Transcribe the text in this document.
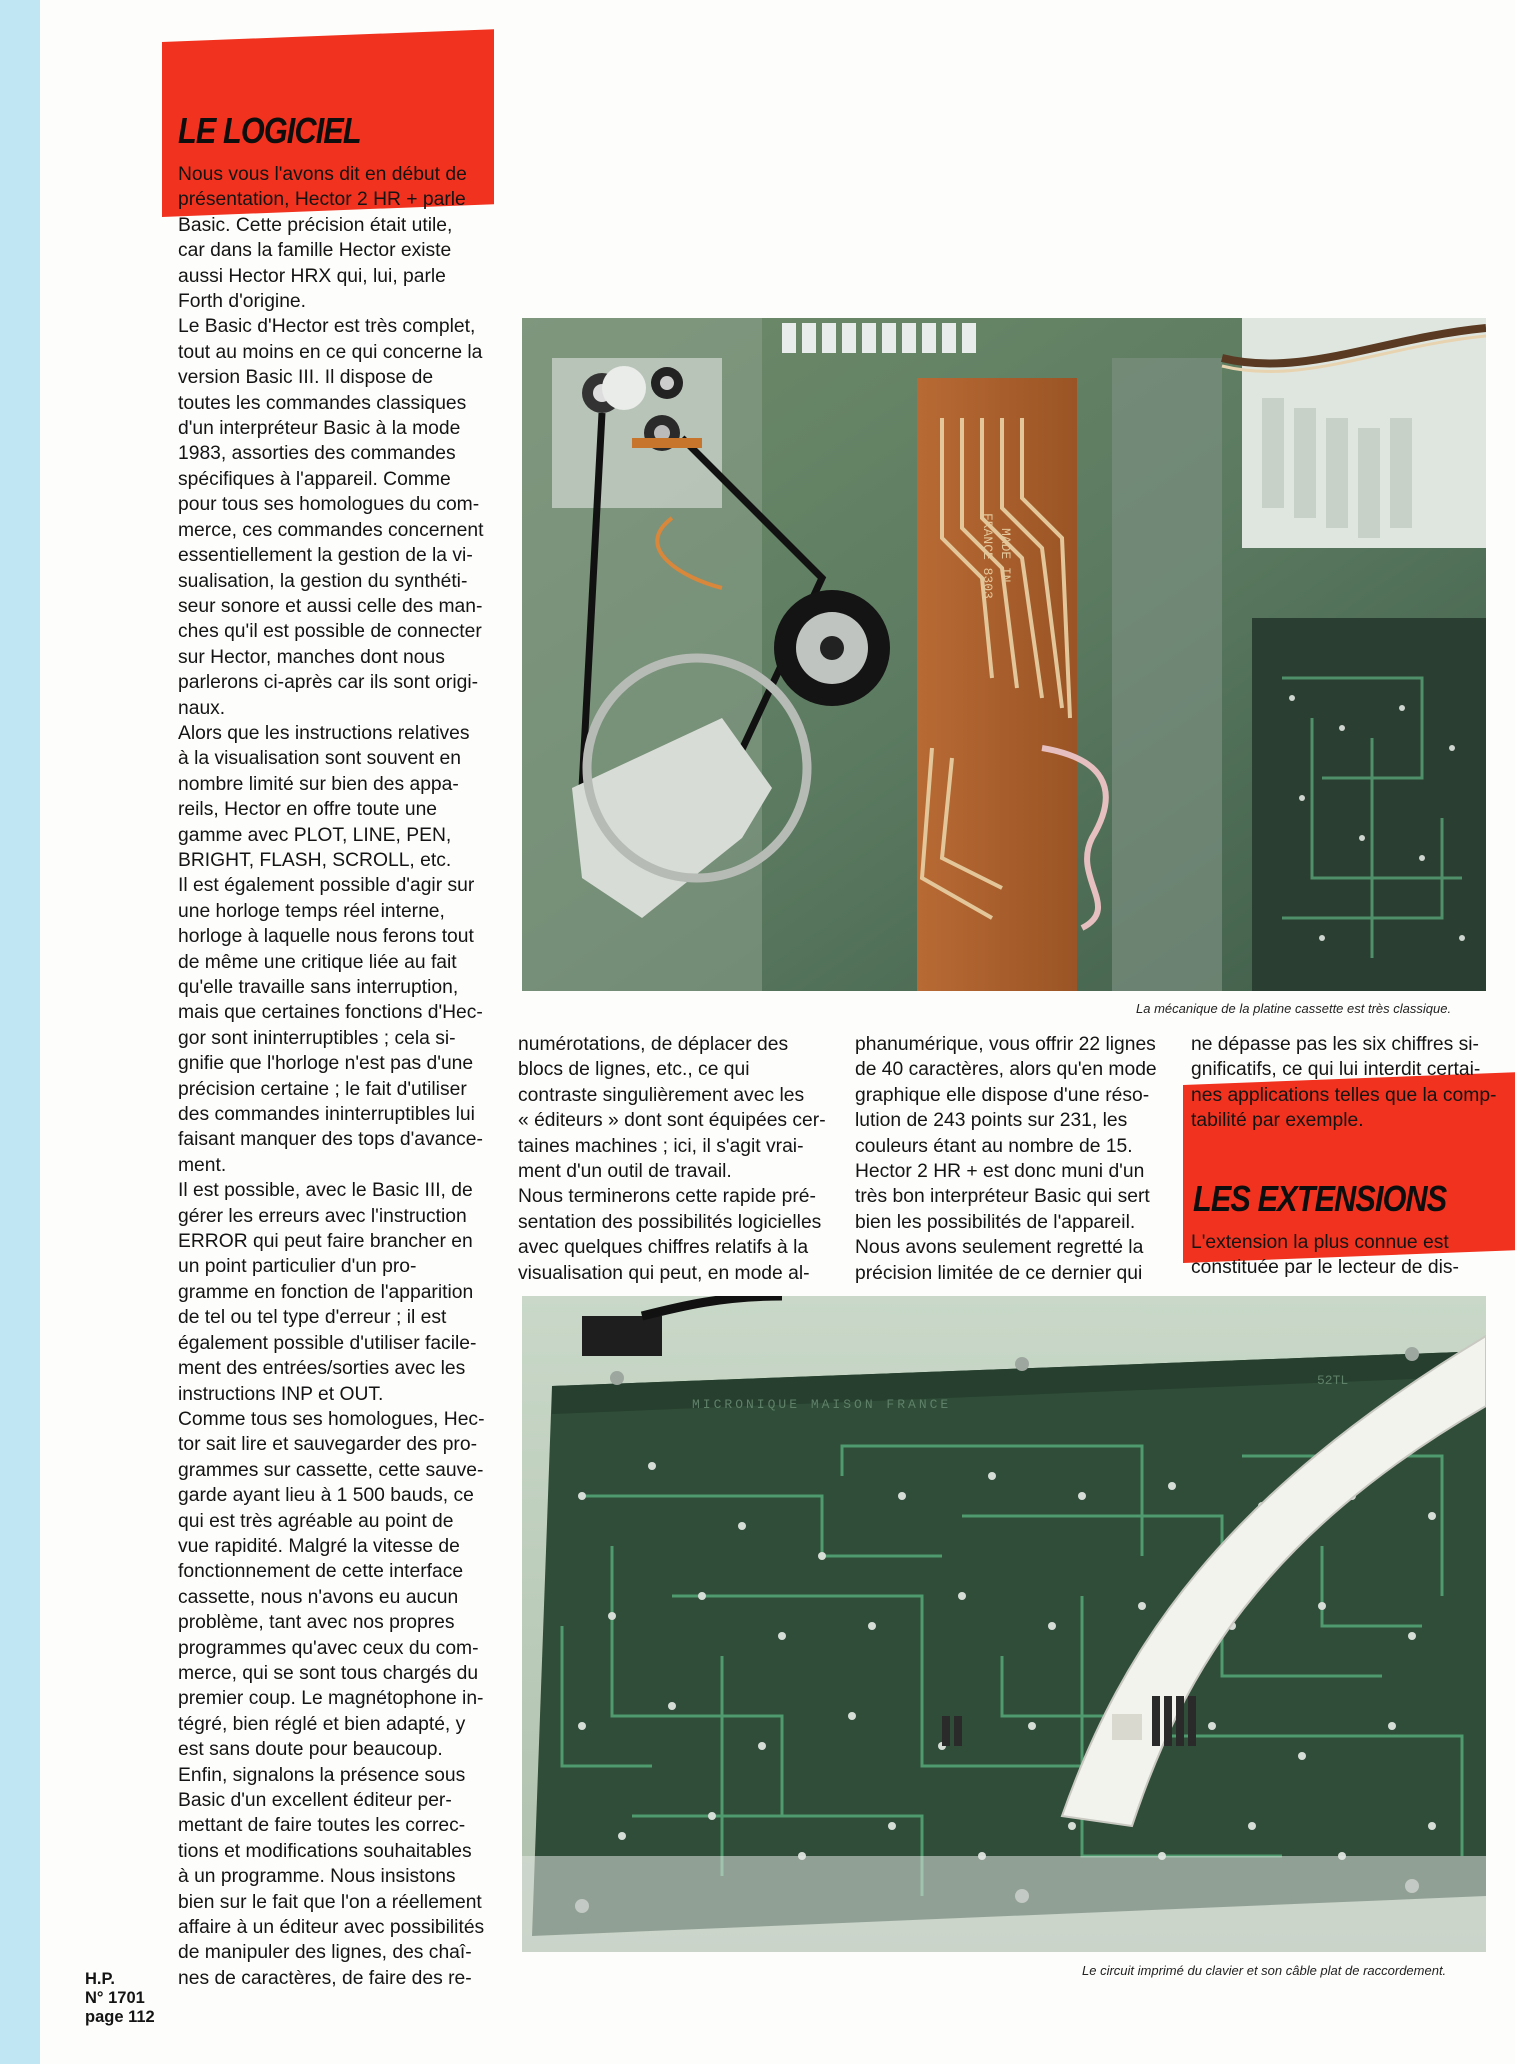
LE LOGICIEL
Nous vous l'avons dit en début de
présentation, Hector 2 HR + parle
Basic. Cette précision était utile,
car dans la famille Hector existe
aussi Hector HRX qui, lui, parle
Forth d'origine.
Le Basic d'Hector est très complet,
tout au moins en ce qui concerne la
version Basic III. Il dispose de
toutes les commandes classiques
d'un interpréteur Basic à la mode
1983, assorties des commandes
spécifiques à l'appareil. Comme
pour tous ses homologues du com-
merce, ces commandes concernent
essentiellement la gestion de la vi-
sualisation, la gestion du synthéti-
seur sonore et aussi celle des man-
ches qu'il est possible de connecter
sur Hector, manches dont nous
parlerons ci-après car ils sont origi-
naux.
Alors que les instructions relatives
à la visualisation sont souvent en
nombre limité sur bien des appa-
reils, Hector en offre toute une
gamme avec PLOT, LINE, PEN,
BRIGHT, FLASH, SCROLL, etc.
Il est également possible d'agir sur
une horloge temps réel interne,
horloge à laquelle nous ferons tout
de même une critique liée au fait
qu'elle travaille sans interruption,
mais que certaines fonctions d'Hec-
gor sont ininterruptibles ; cela si-
gnifie que l'horloge n'est pas d'une
précision certaine ; le fait d'utiliser
des commandes ininterruptibles lui
faisant manquer des tops d'avance-
ment.
Il est possible, avec le Basic III, de
gérer les erreurs avec l'instruction
ERROR qui peut faire brancher en
un point particulier d'un pro-
gramme en fonction de l'apparition
de tel ou tel type d'erreur ; il est
également possible d'utiliser facile-
ment des entrées/sorties avec les
instructions INP et OUT.
Comme tous ses homologues, Hec-
tor sait lire et sauvegarder des pro-
grammes sur cassette, cette sauve-
garde ayant lieu à 1 500 bauds, ce
qui est très agréable au point de
vue rapidité. Malgré la vitesse de
fonctionnement de cette interface
cassette, nous n'avons eu aucun
problème, tant avec nos propres
programmes qu'avec ceux du com-
merce, qui se sont tous chargés du
premier coup. Le magnétophone in-
tégré, bien réglé et bien adapté, y
est sans doute pour beaucoup.
Enfin, signalons la présence sous
Basic d'un excellent éditeur per-
mettant de faire toutes les correc-
tions et modifications souhaitables
à un programme. Nous insistons
bien sur le fait que l'on a réellement
affaire à un éditeur avec possibilités
de manipuler des lignes, des chaî-
nes de caractères, de faire des re-
MADE IN
FRANCE 8303
La mécanique de la platine cassette est très classique.
numérotations, de déplacer des
blocs de lignes, etc., ce qui
contraste singulièrement avec les
« éditeurs » dont sont équipées cer-
taines machines ; ici, il s'agit vrai-
ment d'un outil de travail.
Nous terminerons cette rapide pré-
sentation des possibilités logicielles
avec quelques chiffres relatifs à la
visualisation qui peut, en mode al-
phanumérique, vous offrir 22 lignes
de 40 caractères, alors qu'en mode
graphique elle dispose d'une réso-
lution de 243 points sur 231, les
couleurs étant au nombre de 15.
Hector 2 HR + est donc muni d'un
très bon interpréteur Basic qui sert
bien les possibilités de l'appareil.
Nous avons seulement regretté la
précision limitée de ce dernier qui
ne dépasse pas les six chiffres si-
gnificatifs, ce qui lui interdit certai-
nes applications telles que la comp-
tabilité par exemple.
LES EXTENSIONS
L'extension la plus connue est
constituée par le lecteur de dis-
MICRONIQUE MAISON FRANCE
52TL
Le circuit imprimé du clavier et son câble plat de raccordement.
H.P.
N° 1701
page 112
